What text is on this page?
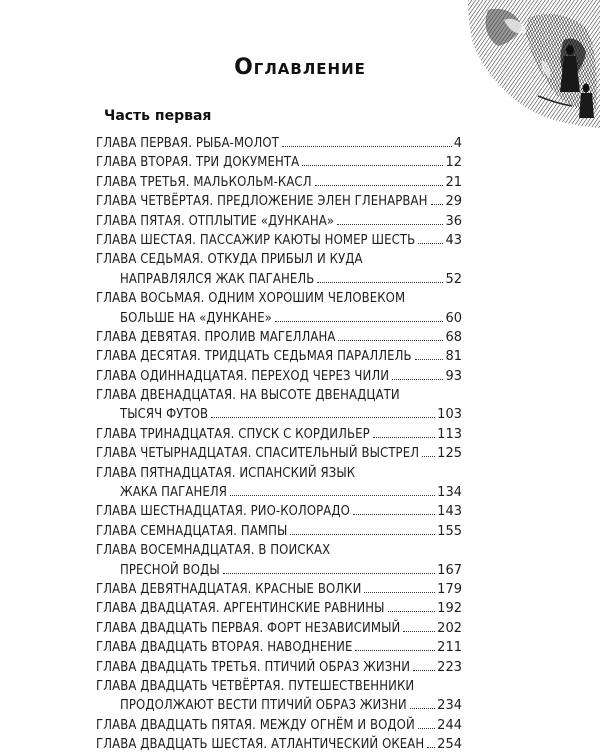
Оглавление
Часть первая
ГЛАВА ПЕРВАЯ. РЫБА-МОЛОТ	4
ГЛАВА ВТОРАЯ. ТРИ ДОКУМЕНТА	12
ГЛАВА ТРЕТЬЯ. МАЛЬКОЛЬМ-КАСЛ	21
ГЛАВА ЧЕТВЁРТАЯ. ПРЕДЛОЖЕНИЕ ЭЛЕН ГЛЕНАРВАН 29
ГЛАВА ПЯТАЯ. ОТПЛЫТИЕ «ДУНКАНА»	36
ГЛАВА ШЕСТАЯ. ПАССАЖИР КАЮТЫ НОМЕР ШЕСТЬ 43
ГЛАВА СЕДЬМАЯ. ОТКУДА ПРИБЫЛ И КУДА
НАПРАВЛЯЛСЯ ЖАК ПАГАНЕЛЬ	52
ГЛАВА ВОСЬМАЯ. ОДНИМ ХОРОШИМ ЧЕЛОВЕКОМ
БОЛЬШЕ НА «ДУНКАНЕ»	60
ГЛАВА ДЕВЯТАЯ. ПРОЛИВ МАГЕЛЛАНА	68
ГЛАВА ДЕСЯТАЯ. ТРИДЦАТЬ СЕДЬМАЯ ПАРАЛЛЕЛЬ	81
ГЛАВА ОДИННАДЦАТАЯ. ПЕРЕХОД ЧЕРЕЗ ЧИЛИ	93
ГЛАВА ДВЕНАДЦАТАЯ. НА ВЫСОТЕ ДВЕНАДЦАТИ
ТЫСЯЧ ФУТОВ	103
ГЛАВА ТРИНАДЦАТАЯ. СПУСК С КОРДИЛЬЕР	113
ГЛАВА ЧЕТЫРНАДЦАТАЯ. СПАСИТЕЛЬНЫЙ ВЫСТРЕЛ 125
ГЛАВА ПЯТНАДЦАТАЯ. ИСПАНСКИЙ ЯЗЫК
ЖАКА ПАГАНЕЛЯ	134
ГЛАВА ШЕСТНАДЦАТАЯ. РИО-КОЛОРАДО	143
ГЛАВА СЕМНАДЦАТАЯ. ПАМПЫ	155
ГЛАВА ВОСЕМНАДЦАТАЯ. В ПОИСКАХ
ПРЕСНОЙ ВОДЫ	167
ГЛАВА ДЕВЯТНАДЦАТАЯ. КРАСНЫЕ ВОЛКИ	179
ГЛАВА ДВАДЦАТАЯ. АРГЕНТИНСКИЕ РАВНИНЫ	192
ГЛАВА ДВАДЦАТЬ ПЕРВАЯ. ФОРТ НЕЗАВИСИМЫЙ	202
ГЛАВА ДВАДЦАТЬ ВТОРАЯ. НАВОДНЕНИЕ	211
ГЛАВА ДВАДЦАТЬ ТРЕТЬЯ. ПТИЧИЙ ОБРАЗ ЖИЗНИ 223
ГЛАВА ДВАДЦАТЬ ЧЕТВЁРТАЯ. ПУТЕШЕСТВЕННИКИ
ПРОДОЛЖАЮТ ВЕСТИ ПТИЧИЙ ОБРАЗ ЖИЗНИ 234
ГЛАВА ДВАДЦАТЬ ПЯТАЯ. МЕЖДУ ОГНЁМ И ВОДОЙ 244
ГЛАВА ДВАДЦАТЬ ШЕСТАЯ. АТЛАНТИЧЕСКИЙ ОКЕАН 254
